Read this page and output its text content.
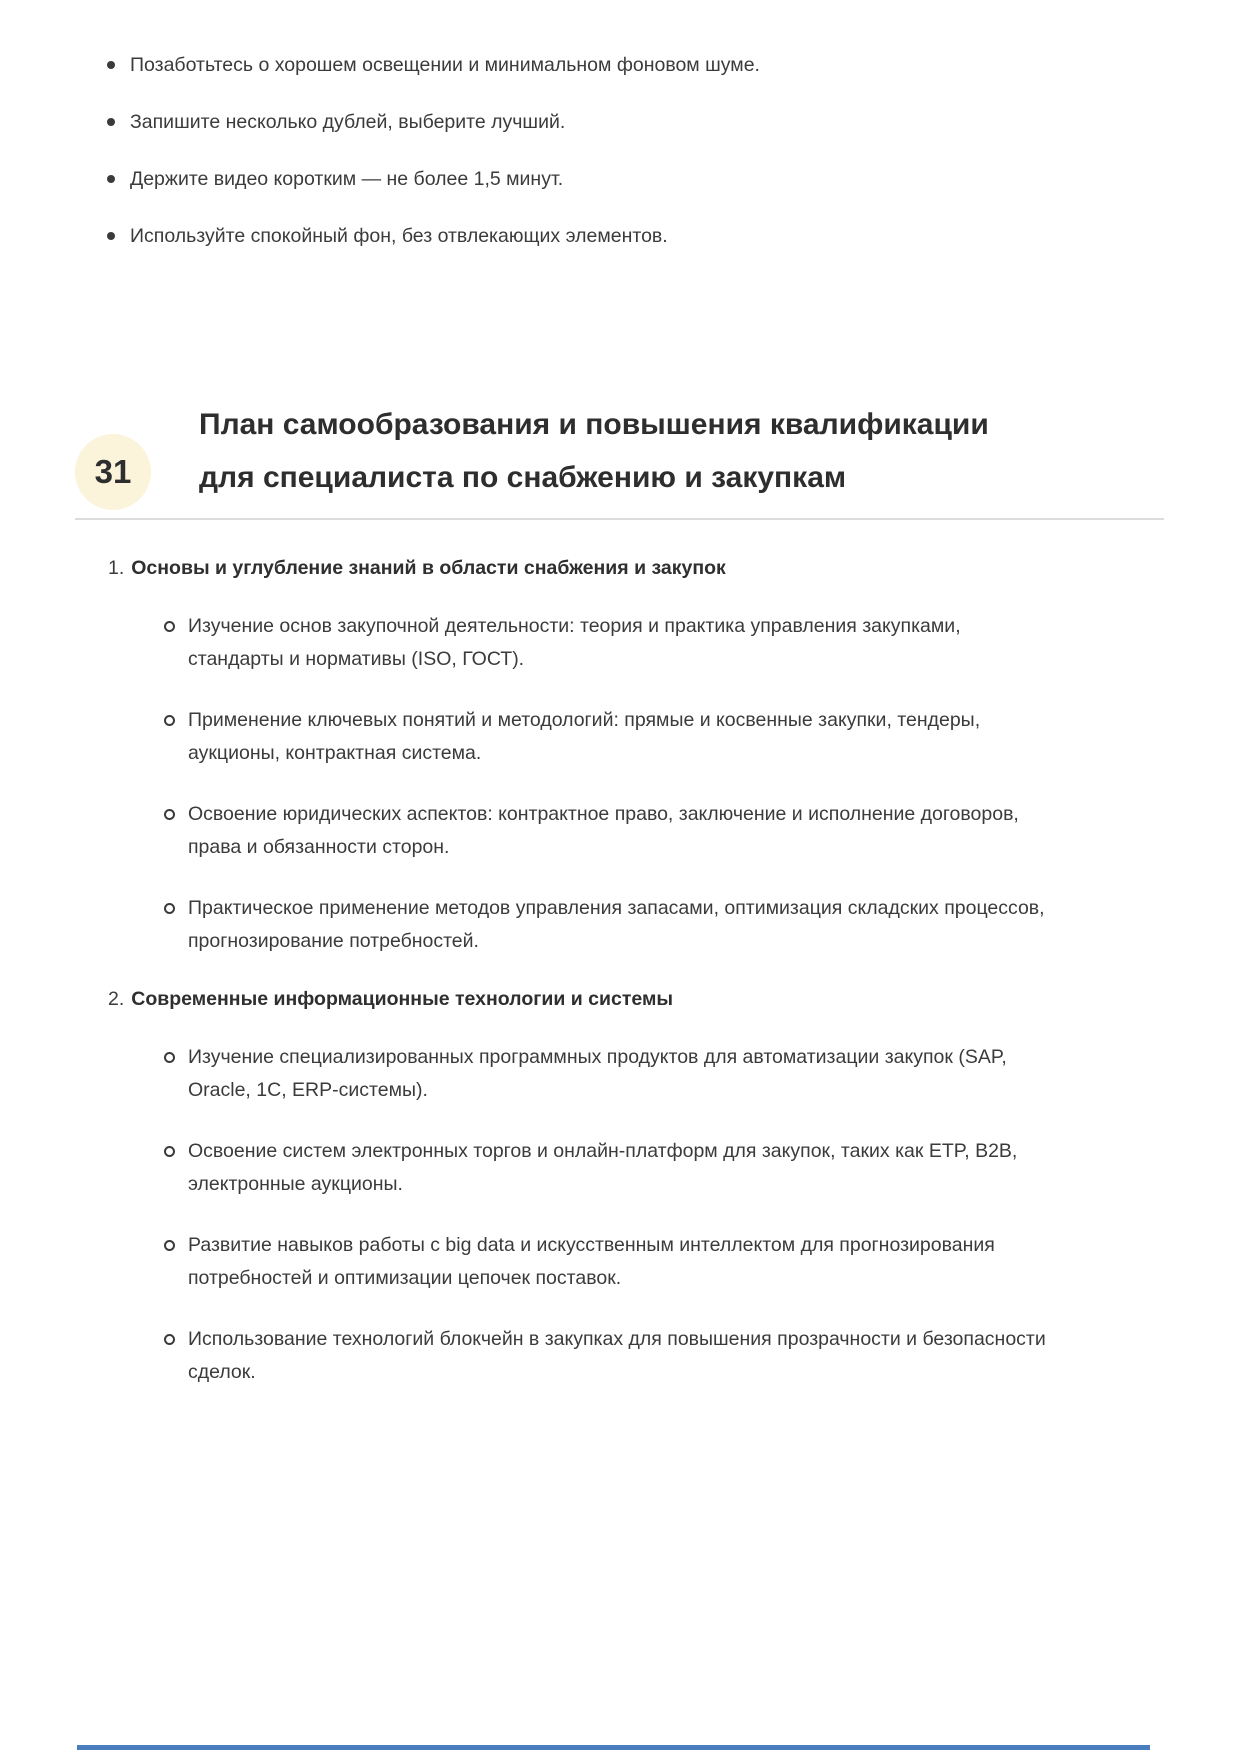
Позаботьтесь о хорошем освещении и минимальном фоновом шуме.
Запишите несколько дублей, выберите лучший.
Держите видео коротким — не более 1,5 минут.
Используйте спокойный фон, без отвлекающих элементов.
31
План самообразования и повышения квалификации для специалиста по снабжению и закупкам
1. Основы и углубление знаний в области снабжения и закупок
Изучение основ закупочной деятельности: теория и практика управления закупками, стандарты и нормативы (ISO, ГОСТ).
Применение ключевых понятий и методологий: прямые и косвенные закупки, тендеры, аукционы, контрактная система.
Освоение юридических аспектов: контрактное право, заключение и исполнение договоров, права и обязанности сторон.
Практическое применение методов управления запасами, оптимизация складских процессов, прогнозирование потребностей.
2. Современные информационные технологии и системы
Изучение специализированных программных продуктов для автоматизации закупок (SAP, Oracle, 1C, ERP-системы).
Освоение систем электронных торгов и онлайн-платформ для закупок, таких как ETP, B2B, электронные аукционы.
Развитие навыков работы с big data и искусственным интеллектом для прогнозирования потребностей и оптимизации цепочек поставок.
Использование технологий блокчейн в закупках для повышения прозрачности и безопасности сделок.
